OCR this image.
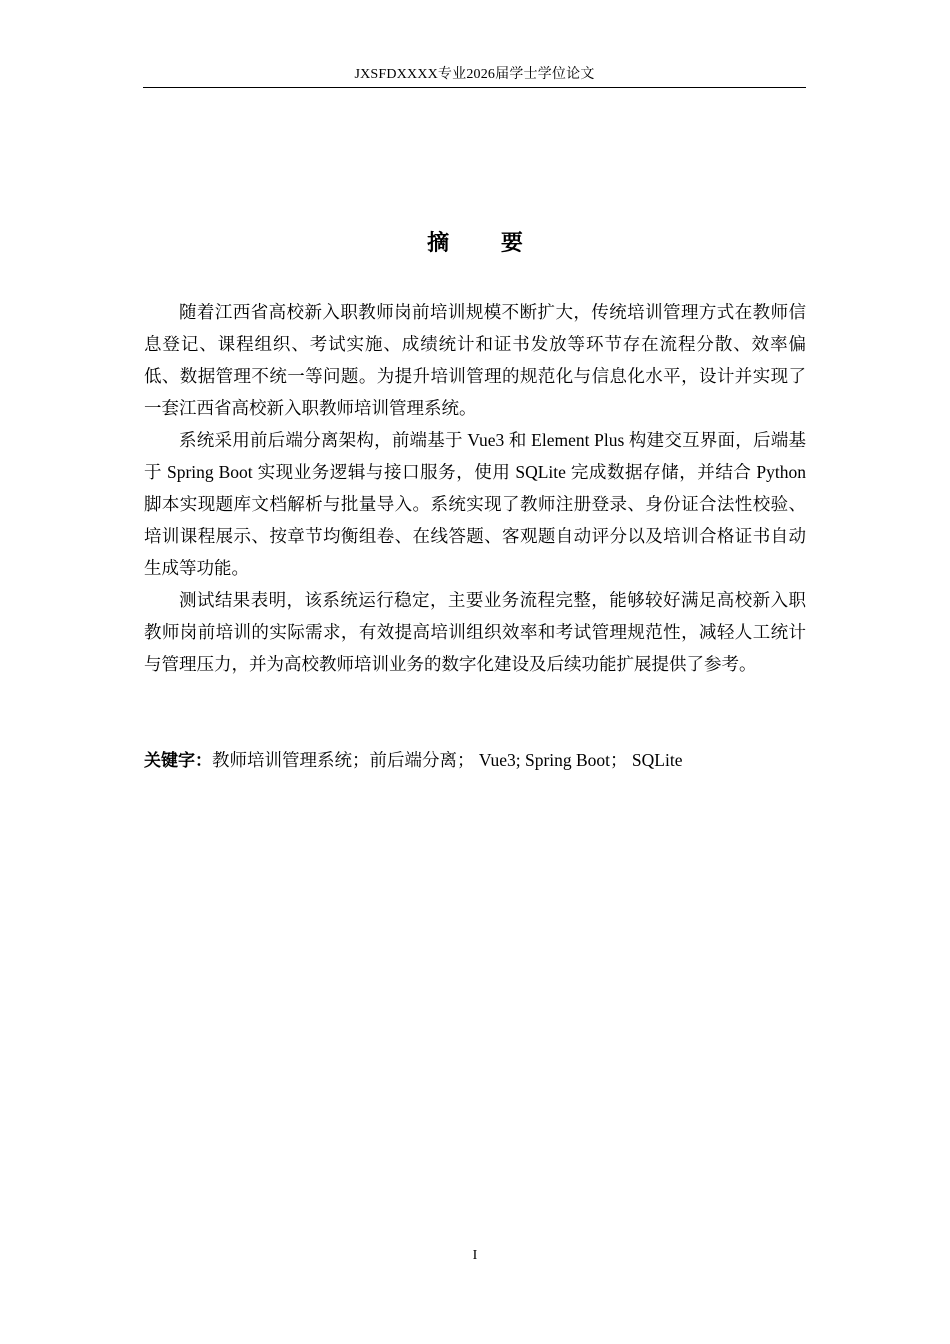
JXSFDXXXX专业2026届学士学位论文
摘 要

随着江西省高校新入职教师岗前培训规模不断扩大，传统培训管理方式在教师信息登记、课程组织、考试实施、成绩统计和证书发放等环节存在流程分散、效率偏低、数据管理不统一等问题。为提升培训管理的规范化与信息化水平，设计并实现了一套江西省高校新入职教师培训管理系统。

系统采用前后端分离架构，前端基于 Vue3 和 Element Plus 构建交互界面，后端基于 Spring Boot 实现业务逻辑与接口服务，使用 SQLite 完成数据存储，并结合 Python 脚本实现题库文档解析与批量导入。系统实现了教师注册登录、身份证合法性校验、培训课程展示、按章节均衡组卷、在线答题、客观题自动评分以及培训合格证书自动生成等功能。

测试结果表明，该系统运行稳定，主要业务流程完整，能够较好满足高校新入职教师岗前培训的实际需求，有效提高培训组织效率和考试管理规范性，减轻人工统计与管理压力，并为高校教师培训业务的数字化建设及后续功能扩展提供了参考。

关键字：教师培训管理系统；前后端分离； Vue3; Spring Boot； SQLite
I
